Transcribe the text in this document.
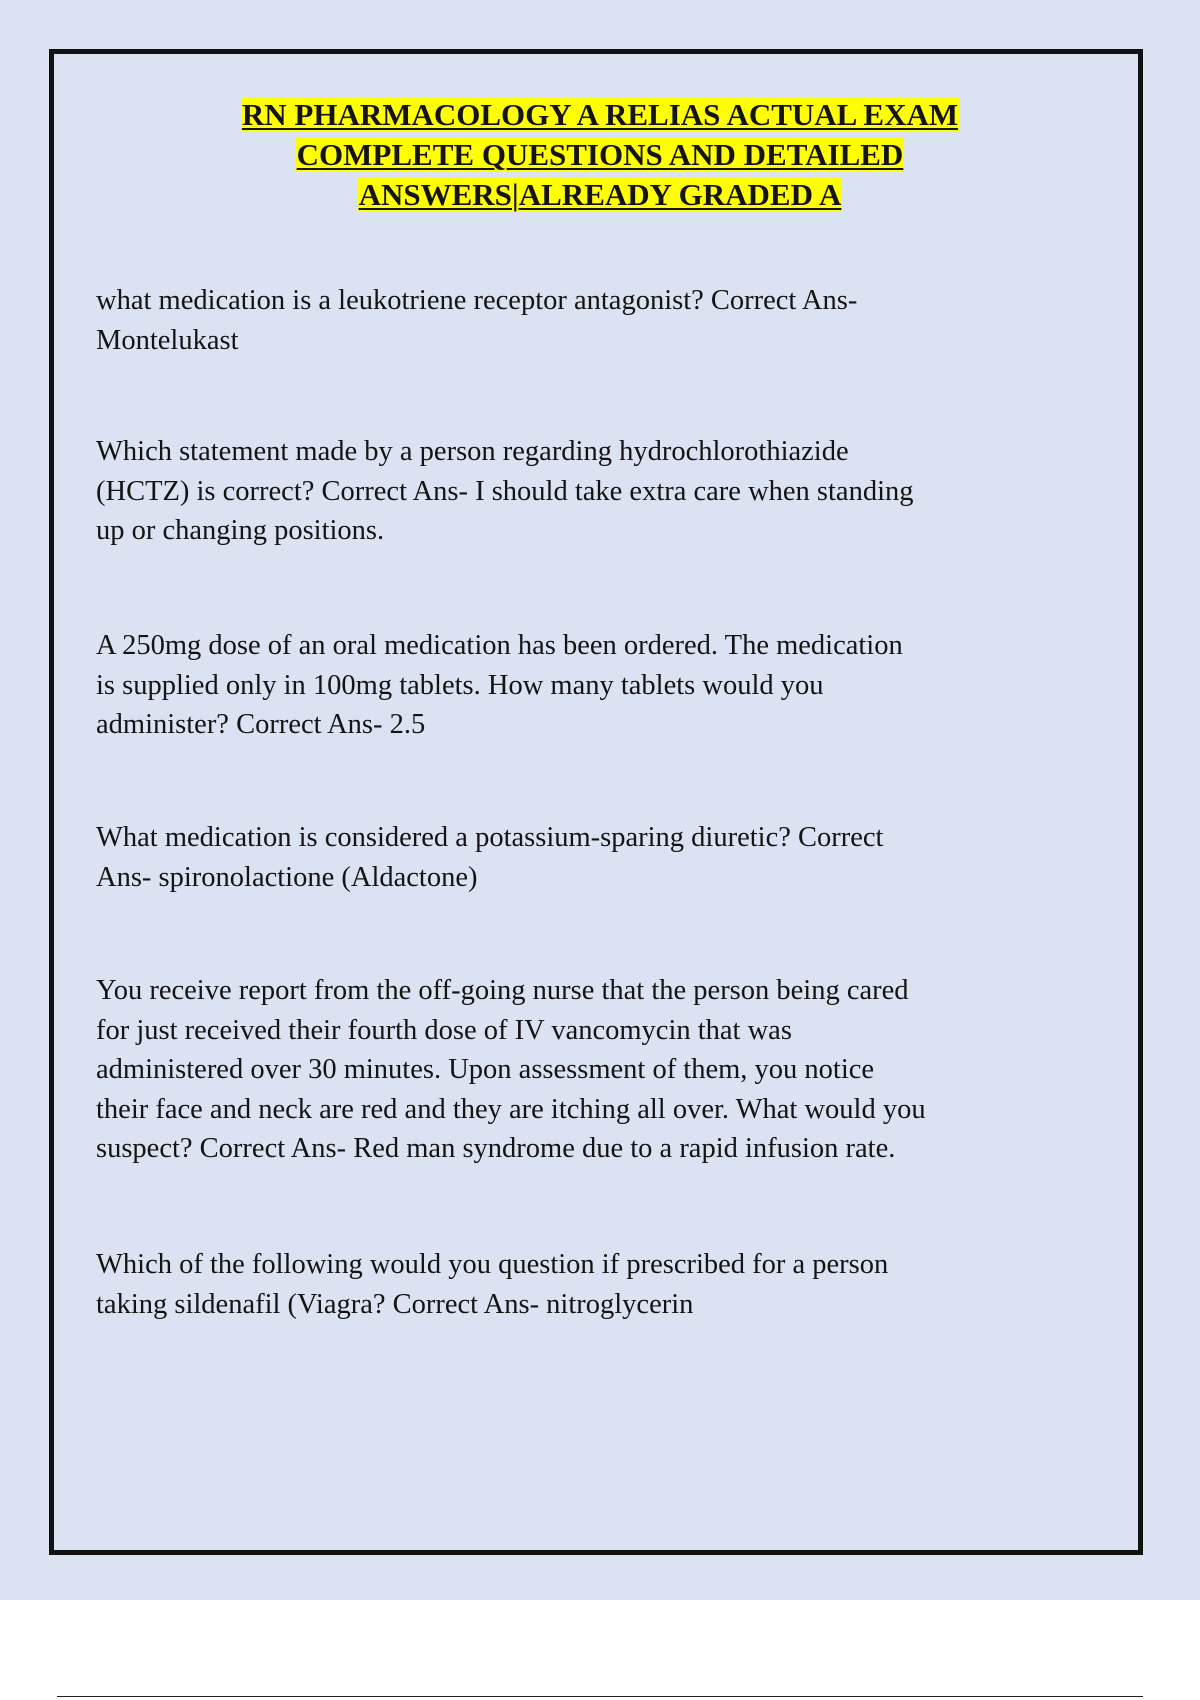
RN PHARMACOLOGY A RELIAS ACTUAL EXAM
COMPLETE QUESTIONS AND DETAILED
ANSWERS|ALREADY GRADED A
what medication is a leukotriene receptor antagonist? Correct Ans-
Montelukast
Which statement made by a person regarding hydrochlorothiazide
(HCTZ) is correct? Correct Ans- I should take extra care when standing
up or changing positions.
A 250mg dose of an oral medication has been ordered. The medication
is supplied only in 100mg tablets. How many tablets would you
administer? Correct Ans- 2.5
What medication is considered a potassium-sparing diuretic? Correct
Ans- spironolactione (Aldactone)
You receive report from the off-going nurse that the person being cared
for just received their fourth dose of IV vancomycin that was
administered over 30 minutes. Upon assessment of them, you notice
their face and neck are red and they are itching all over. What would you
suspect? Correct Ans- Red man syndrome due to a rapid infusion rate.
Which of the following would you question if prescribed for a person
taking sildenafil (Viagra? Correct Ans- nitroglycerin
